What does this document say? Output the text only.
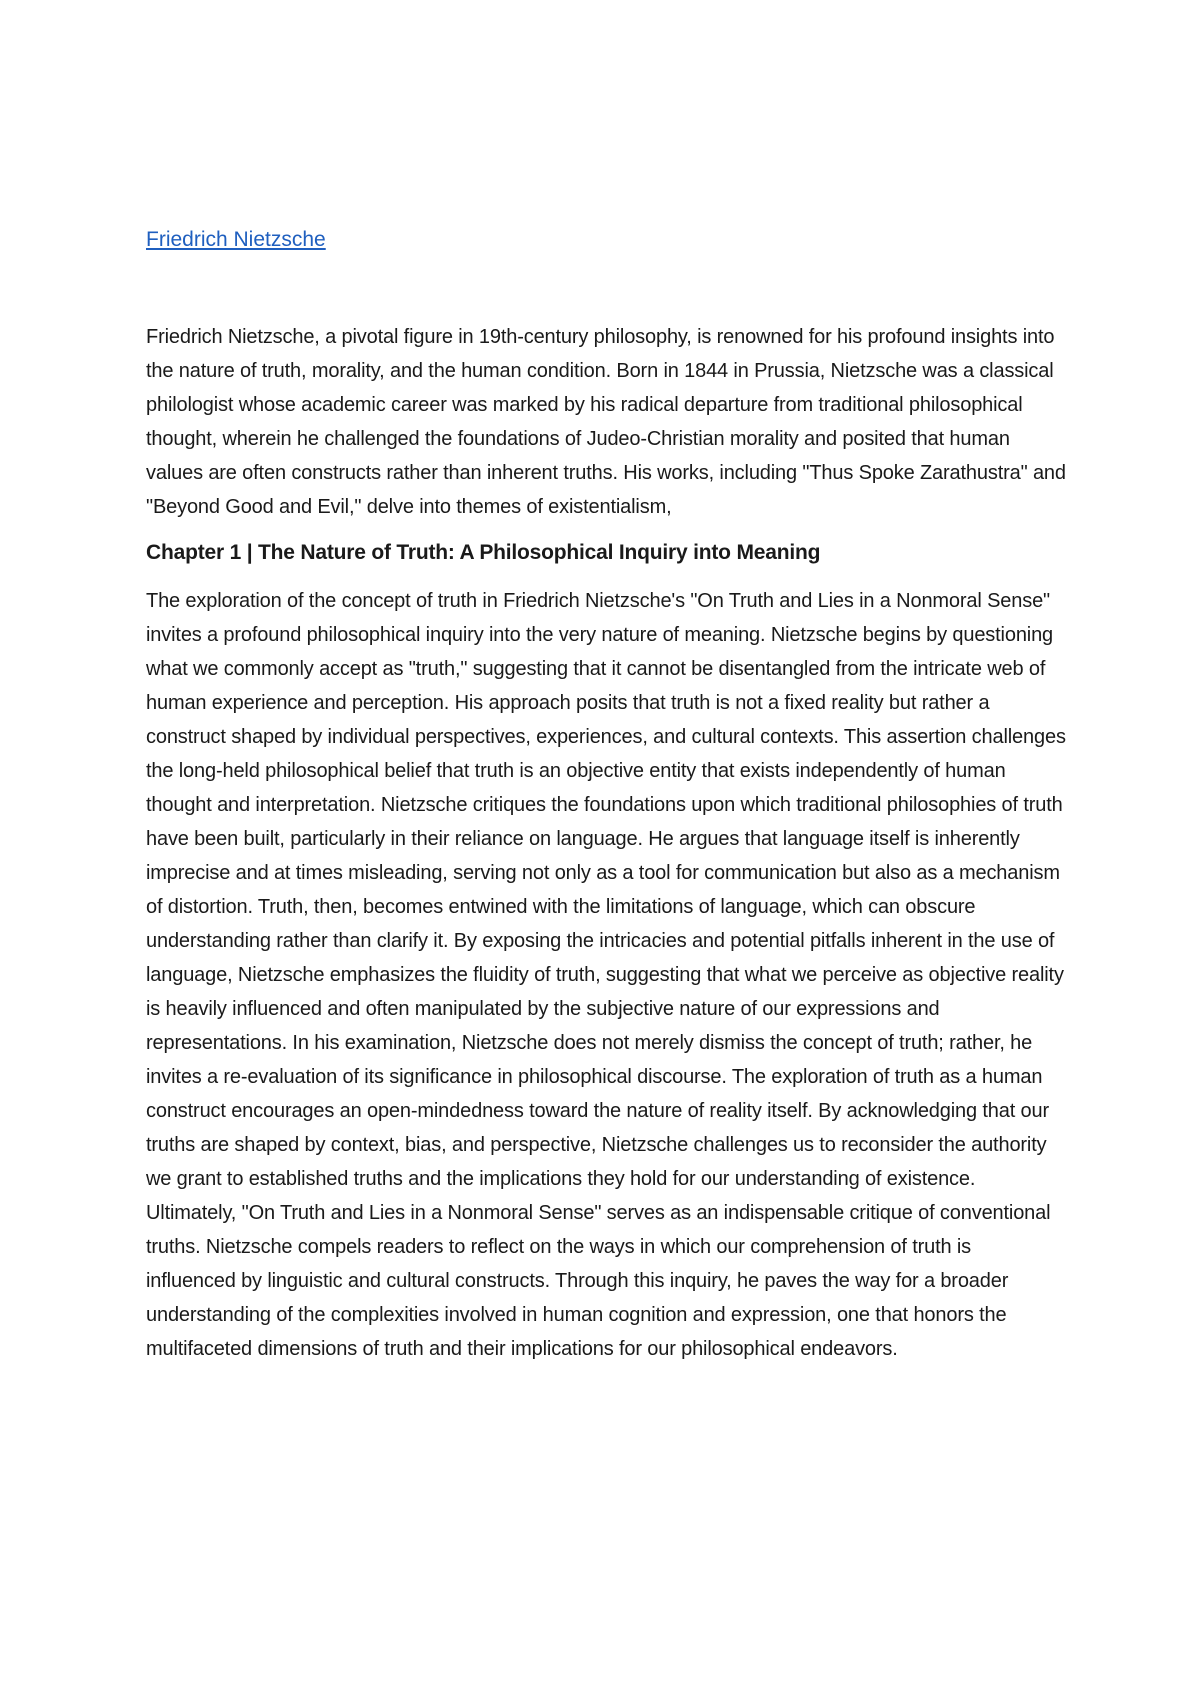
Friedrich Nietzsche

Friedrich Nietzsche, a pivotal figure in 19th-century philosophy, is renowned for his profound insights into the nature of truth, morality, and the human condition. Born in 1844 in Prussia, Nietzsche was a classical philologist whose academic career was marked by his radical departure from traditional philosophical thought, wherein he challenged the foundations of Judeo-Christian morality and posited that human values are often constructs rather than inherent truths. His works, including "Thus Spoke Zarathustra" and "Beyond Good and Evil," delve into themes of existentialism,

Chapter 1 | The Nature of Truth: A Philosophical Inquiry into Meaning

The exploration of the concept of truth in Friedrich Nietzsche's "On Truth and Lies in a Nonmoral Sense" invites a profound philosophical inquiry into the very nature of meaning. Nietzsche begins by questioning what we commonly accept as "truth," suggesting that it cannot be disentangled from the intricate web of human experience and perception. His approach posits that truth is not a fixed reality but rather a construct shaped by individual perspectives, experiences, and cultural contexts. This assertion challenges the long-held philosophical belief that truth is an objective entity that exists independently of human thought and interpretation. Nietzsche critiques the foundations upon which traditional philosophies of truth have been built, particularly in their reliance on language. He argues that language itself is inherently imprecise and at times misleading, serving not only as a tool for communication but also as a mechanism of distortion. Truth, then, becomes entwined with the limitations of language, which can obscure understanding rather than clarify it. By exposing the intricacies and potential pitfalls inherent in the use of language, Nietzsche emphasizes the fluidity of truth, suggesting that what we perceive as objective reality is heavily influenced and often manipulated by the subjective nature of our expressions and representations. In his examination, Nietzsche does not merely dismiss the concept of truth; rather, he invites a re-evaluation of its significance in philosophical discourse. The exploration of truth as a human construct encourages an open-mindedness toward the nature of reality itself. By acknowledging that our truths are shaped by context, bias, and perspective, Nietzsche challenges us to reconsider the authority we grant to established truths and the implications they hold for our understanding of existence. Ultimately, "On Truth and Lies in a Nonmoral Sense" serves as an indispensable critique of conventional truths. Nietzsche compels readers to reflect on the ways in which our comprehension of truth is influenced by linguistic and cultural constructs. Through this inquiry, he paves the way for a broader understanding of the complexities involved in human cognition and expression, one that honors the multifaceted dimensions of truth and their implications for our philosophical endeavors.
